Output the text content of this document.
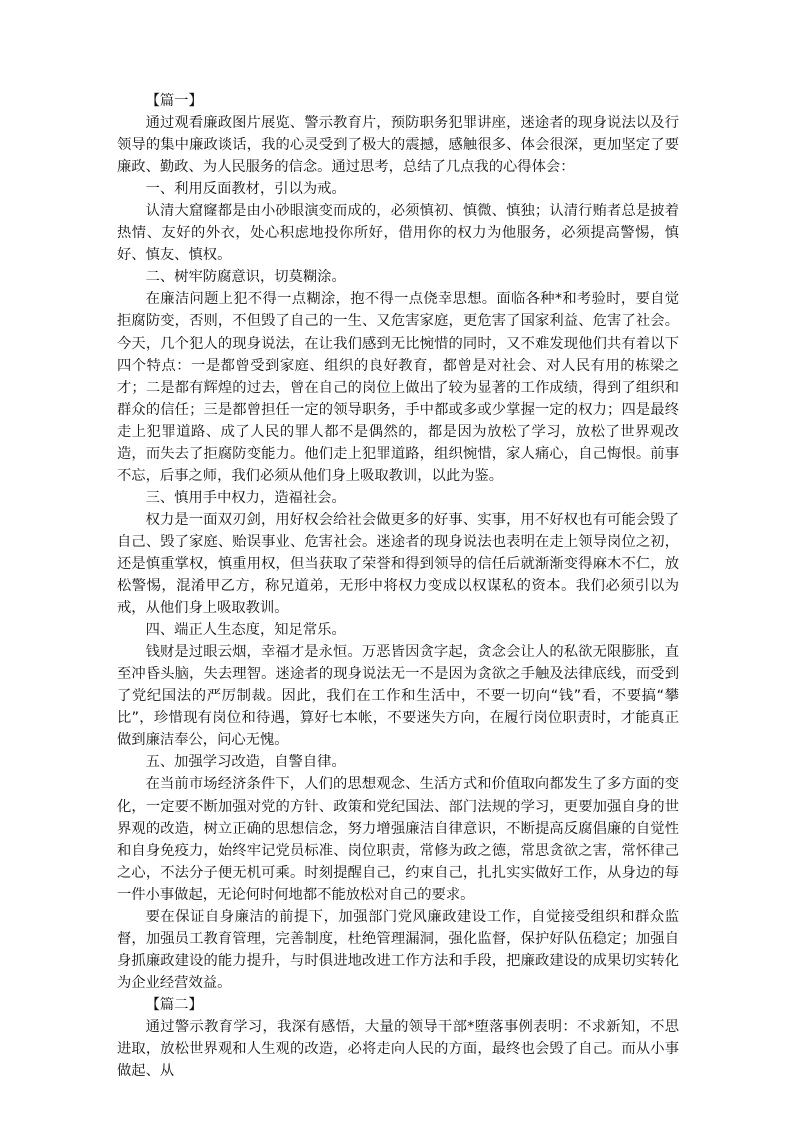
【篇一】

通过观看廉政图片展览、警示教育片，预防职务犯罪讲座，迷途者的现身说法以及行领导的集中廉政谈话，我的心灵受到了极大的震撼，感触很多、体会很深，更加坚定了要廉政、勤政、为人民服务的信念。通过思考，总结了几点我的心得体会：

一、利用反面教材，引以为戒。

认清大窟窿都是由小砂眼演变而成的，必须慎初、慎微、慎独；认清行贿者总是披着热情、友好的外衣，处心积虑地投你所好，借用你的权力为他服务，必须提高警惕，慎好、慎友、慎权。

二、树牢防腐意识，切莫糊涂。

在廉洁问题上犯不得一点糊涂，抱不得一点侥幸思想。面临各种*和考验时，要自觉拒腐防变，否则，不但毁了自己的一生、又危害家庭，更危害了国家利益、危害了社会。今天，几个犯人的现身说法，在让我们感到无比惋惜的同时，又不难发现他们共有着以下四个特点：一是都曾受到家庭、组织的良好教育，都曾是对社会、对人民有用的栋梁之才；二是都有辉煌的过去，曾在自己的岗位上做出了较为显著的工作成绩，得到了组织和群众的信任；三是都曾担任一定的领导职务，手中都或多或少掌握一定的权力；四是最终走上犯罪道路、成了人民的罪人都不是偶然的，都是因为放松了学习，放松了世界观改造，而失去了拒腐防变能力。他们走上犯罪道路，组织惋惜，家人痛心，自己悔恨。前事不忘，后事之师，我们必须从他们身上吸取教训，以此为鉴。

三、慎用手中权力，造福社会。

权力是一面双刃剑，用好权会给社会做更多的好事、实事，用不好权也有可能会毁了自己、毁了家庭、贻误事业、危害社会。迷途者的现身说法也表明在走上领导岗位之初，还是慎重掌权，慎重用权，但当获取了荣誉和得到领导的信任后就渐渐变得麻木不仁，放松警惕，混淆甲乙方，称兄道弟，无形中将权力变成以权谋私的资本。我们必须引以为戒，从他们身上吸取教训。

四、端正人生态度，知足常乐。

钱财是过眼云烟，幸福才是永恒。万恶皆因贪字起，贪念会让人的私欲无限膨胀，直至冲昏头脑，失去理智。迷途者的现身说法无一不是因为贪欲之手触及法律底线，而受到了党纪国法的严厉制裁。因此，我们在工作和生活中，不要一切向“钱”看，不要搞“攀比”，珍惜现有岗位和待遇，算好七本帐，不要迷失方向，在履行岗位职责时，才能真正做到廉洁奉公，问心无愧。

五、加强学习改造，自警自律。

在当前市场经济条件下，人们的思想观念、生活方式和价值取向都发生了多方面的变化，一定要不断加强对党的方针、政策和党纪国法、部门法规的学习，更要加强自身的世界观的改造，树立正确的思想信念，努力增强廉洁自律意识，不断提高反腐倡廉的自觉性和自身免疫力，始终牢记党员标准、岗位职责，常修为政之德，常思贪欲之害，常怀律己之心，不法分子便无机可乘。时刻提醒自己，约束自己，扎扎实实做好工作，从身边的每一件小事做起，无论何时何地都不能放松对自己的要求。

要在保证自身廉洁的前提下，加强部门党风廉政建设工作，自觉接受组织和群众监督，加强员工教育管理，完善制度，杜绝管理漏洞，强化监督，保护好队伍稳定；加强自身抓廉政建设的能力提升，与时俱进地改进工作方法和手段，把廉政建设的成果切实转化为企业经营效益。

【篇二】

通过警示教育学习，我深有感悟，大量的领导干部*堕落事例表明：不求新知，不思进取，放松世界观和人生观的改造，必将走向人民的方面，最终也会毁了自己。而从小事做起、从
